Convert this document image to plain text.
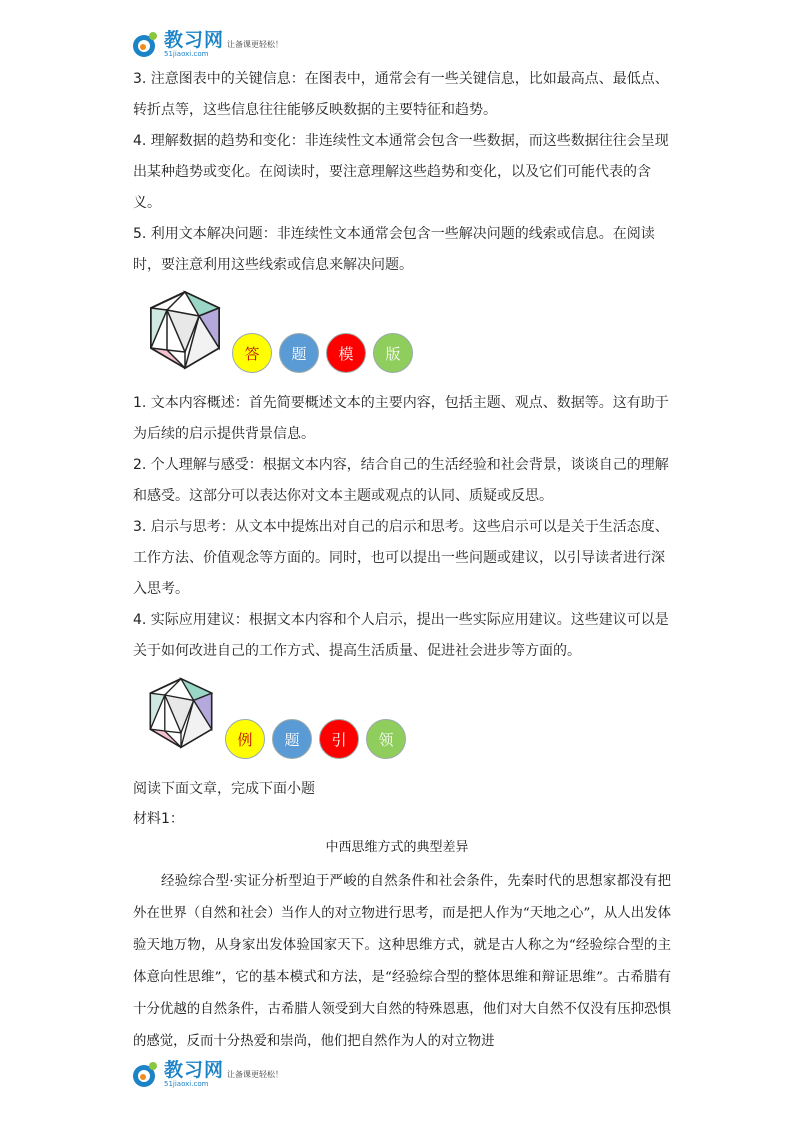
教习网
51jiaoxi.com
让备课更轻松！

3. 注意图表中的关键信息：在图表中，通常会有一些关键信息，比如最高点、最低点、转折点等，这些信息往往能够反映数据的主要特征和趋势。

4. 理解数据的趋势和变化：非连续性文本通常会包含一些数据，而这些数据往往会呈现出某种趋势或变化。在阅读时，要注意理解这些趋势和变化，以及它们可能代表的含义。

5. 利用文本解决问题：非连续性文本通常会包含一些解决问题的线索或信息。在阅读时，要注意利用这些线索或信息来解决问题。

答	题	模	版

1. 文本内容概述：首先简要概述文本的主要内容，包括主题、观点、数据等。这有助于为后续的启示提供背景信息。

2. 个人理解与感受：根据文本内容，结合自己的生活经验和社会背景，谈谈自己的理解和感受。这部分可以表达你对文本主题或观点的认同、质疑或反思。

3. 启示与思考：从文本中提炼出对自己的启示和思考。这些启示可以是关于生活态度、工作方法、价值观念等方面的。同时，也可以提出一些问题或建议，以引导读者进行深入思考。

4. 实际应用建议：根据文本内容和个人启示，提出一些实际应用建议。这些建议可以是关于如何改进自己的工作方式、提高生活质量、促进社会进步等方面的。

例	题	引	领
阅读下面文章，完成下面小题
材料1：
中西思维方式的典型差异
经验综合型·实证分析型迫于严峻的自然条件和社会条件，先秦时代的思想家都没有把外在世界（自然和社会）当作人的对立物进行思考，而是把人作为“天地之心”，从人出发体验天地万物，从身家出发体验国家天下。这种思维方式，就是古人称之为“经验综合型的主体意向性思维”，它的基本模式和方法，是“经验综合型的整体思维和辩证思维”。古希腊有十分优越的自然条件，古希腊人领受到大自然的特殊恩惠，他们对大自然不仅没有压抑恐惧的感觉，反而十分热爱和崇尚，他们把自然作为人的对立物进
教习网
51jiaoxi.com
让备课更轻松！
